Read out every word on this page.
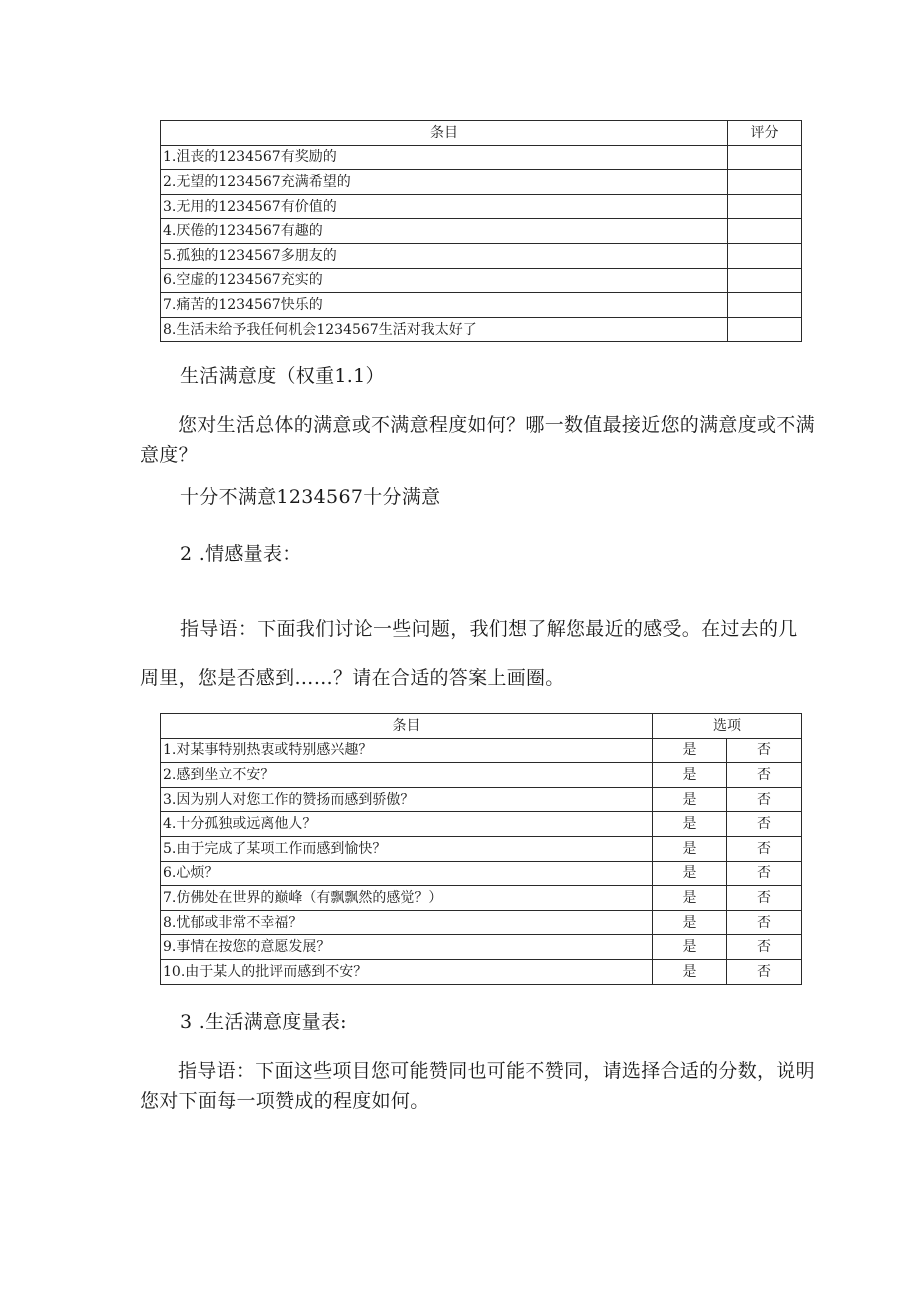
条目	评分
1.沮丧的1234567有奖励的	
2.无望的1234567充满希望的	
3.无用的1234567有价值的	
4.厌倦的1234567有趣的	
5.孤独的1234567多朋友的	
6.空虚的1234567充实的	
7.痛苦的1234567快乐的	
8.生活未给予我任何机会1234567生活对我太好了	

生活满意度（权重1.1）

您对生活总体的满意或不满意程度如何？哪一数值最接近您的满意度或不满意度？

十分不满意1234567十分满意

2 .情感量表：

指导语：下面我们讨论一些问题，我们想了解您最近的感受。在过去的几

周里，您是否感到……？请在合适的答案上画圈。

条目	选项	
1.对某事特别热衷或特别感兴趣？	是	否
2.感到坐立不安？	是	否
3.因为别人对您工作的赞扬而感到骄傲？	是	否
4.十分孤独或远离他人？	是	否
5.由于完成了某项工作而感到愉快？	是	否
6.心烦？	是	否
7.仿佛处在世界的巅峰（有飘飘然的感觉？）	是	否
8.忧郁或非常不幸福？	是	否
9.事情在按您的意愿发展？	是	否
10.由于某人的批评而感到不安？	是	否

3 .生活满意度量表:

指导语：下面这些项目您可能赞同也可能不赞同，请选择合适的分数，说明您对下面每一项赞成的程度如何。
